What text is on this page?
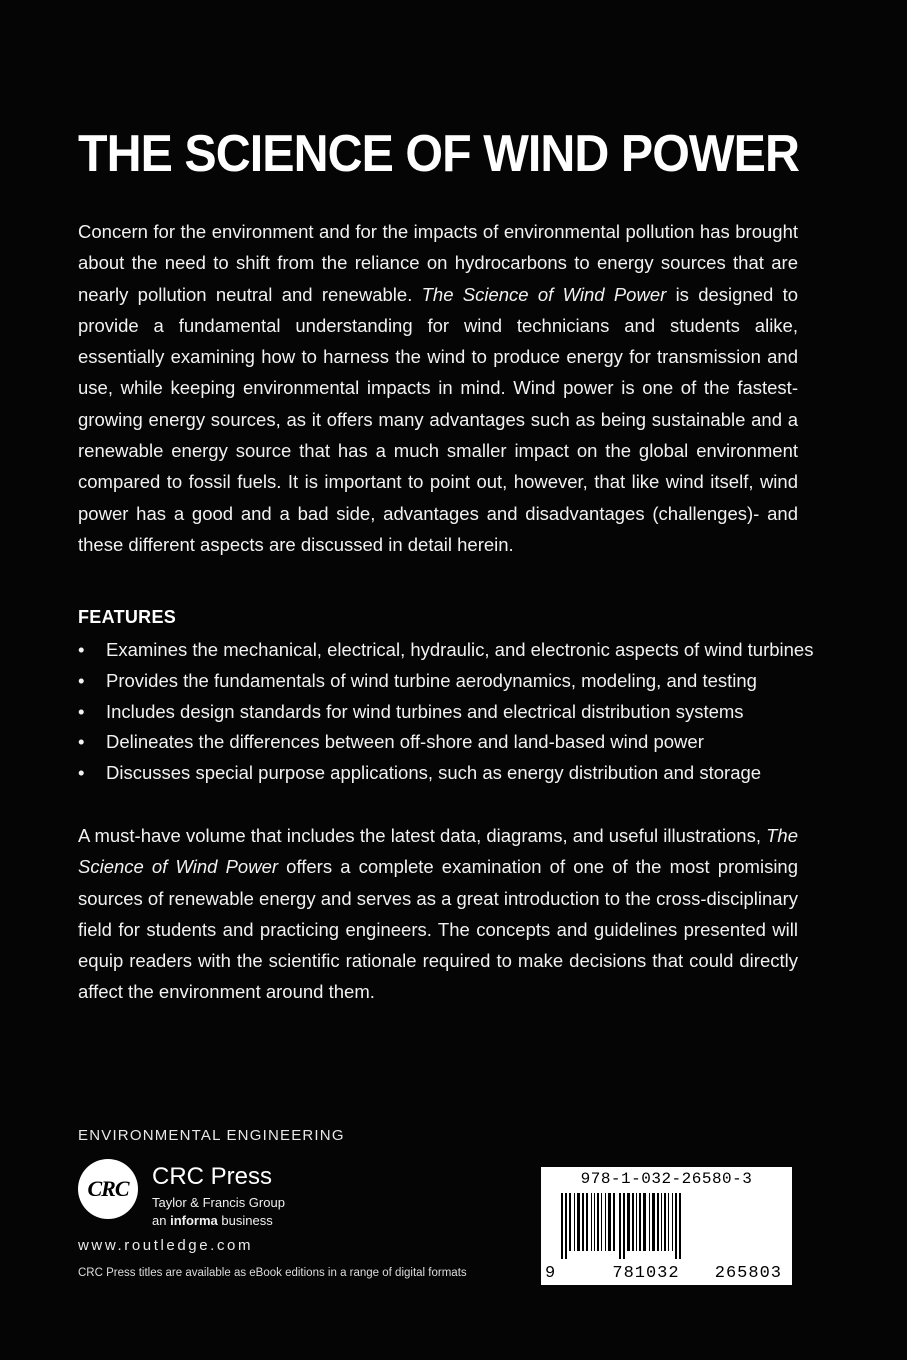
THE SCIENCE OF WIND POWER
Concern for the environment and for the impacts of environmental pollution has brought about the need to shift from the reliance on hydrocarbons to energy sources that are nearly pollution neutral and renewable. The Science of Wind Power is designed to provide a fundamental understanding for wind technicians and students alike, essentially examining how to harness the wind to produce energy for transmission and use, while keeping environmental impacts in mind. Wind power is one of the fastest-growing energy sources, as it offers many advantages such as being sustainable and a renewable energy source that has a much smaller impact on the global environment compared to fossil fuels. It is important to point out, however, that like wind itself, wind power has a good and a bad side, advantages and disadvantages (challenges)- and these different aspects are discussed in detail herein.
FEATURES
•	Examines the mechanical, electrical, hydraulic, and electronic aspects of wind turbines
•	Provides the fundamentals of wind turbine aerodynamics, modeling, and testing
•	Includes design standards for wind turbines and electrical distribution systems
•	Delineates the differences between off-shore and land-based wind power
•	Discusses special purpose applications, such as energy distribution and storage
A must-have volume that includes the latest data, diagrams, and useful illustrations, The Science of Wind Power offers a complete examination of one of the most promising sources of renewable energy and serves as a great introduction to the cross-disciplinary field for students and practicing engineers. The concepts and guidelines presented will equip readers with the scientific rationale required to make decisions that could directly affect the environment around them.
ENVIRONMENTAL ENGINEERING
CRC CRC Press
Taylor & Francis Group
an informa business
www.routledge.com
CRC Press titles are available as eBook editions in a range of digital formats
978-1-032-26580-3
9	781032 265803
